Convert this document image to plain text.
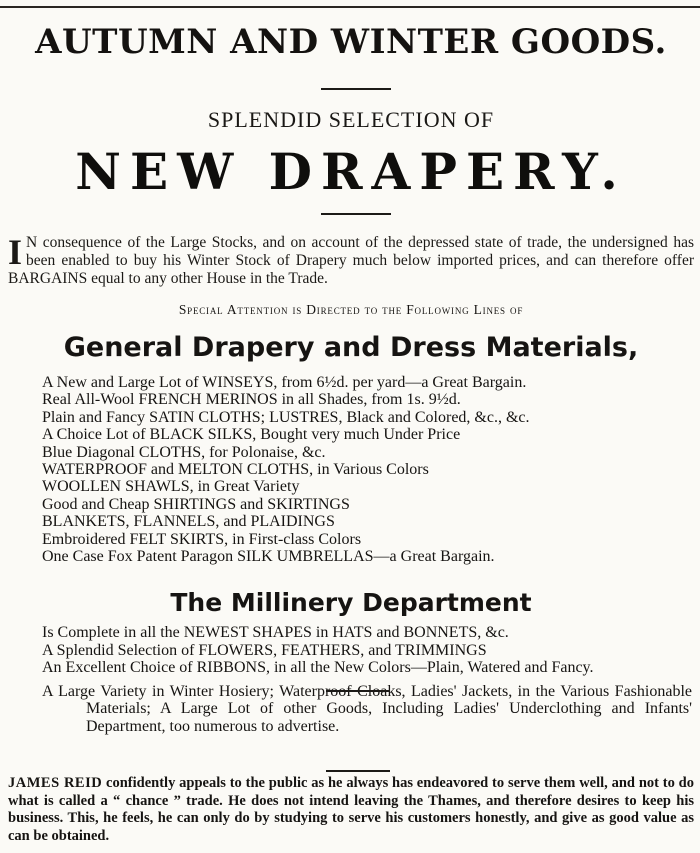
AUTUMN AND WINTER GOODS.
SPLENDID SELECTION OF
NEW DRAPERY.
I N consequence of the Large Stocks, and on account of the depressed state of trade, the undersigned has been enabled to buy his Winter Stock of Drapery much below imported prices, and can therefore offer BARGAINS equal to any other House in the Trade.
Special Attention is Directed to the Following Lines of
General Drapery and Dress Materials,
A New and Large Lot of WINSEYS, from 6½d. per yard—a Great Bargain.
Real All-Wool FRENCH MERINOS in all Shades, from 1s. 9½d.
Plain and Fancy SATIN CLOTHS; LUSTRES, Black and Colored, &c., &c.
A Choice Lot of BLACK SILKS, Bought very much Under Price
Blue Diagonal CLOTHS, for Polonaise, &c.
WATERPROOF and MELTON CLOTHS, in Various Colors
WOOLLEN SHAWLS, in Great Variety
Good and Cheap SHIRTINGS and SKIRTINGS
BLANKETS, FLANNELS, and PLAIDINGS
Embroidered FELT SKIRTS, in First-class Colors
One Case Fox Patent Paragon SILK UMBRELLAS—a Great Bargain.
The Millinery Department

Is Complete in all the NEWEST SHAPES in HATS and BONNETS, &c.

A Splendid Selection of FLOWERS, FEATHERS, and TRIMMINGS

An Excellent Choice of RIBBONS, in all the New Colors—Plain, Watered and Fancy.

A Large Variety in Winter Hosiery; Waterproof Cloaks, Ladies' Jackets, in the Various Fashionable Materials; A Large Lot of other Goods, Including Ladies' Underclothing and Infants' Department, too numerous to advertise.

JAMES REID confidently appeals to the public as he always has endeavored to serve them well, and not to do what is called a “ chance ” trade. He does not intend leaving the Thames, and therefore desires to keep his business. This, he feels, he can only do by studying to serve his customers honestly, and give as good value as can be obtained.
